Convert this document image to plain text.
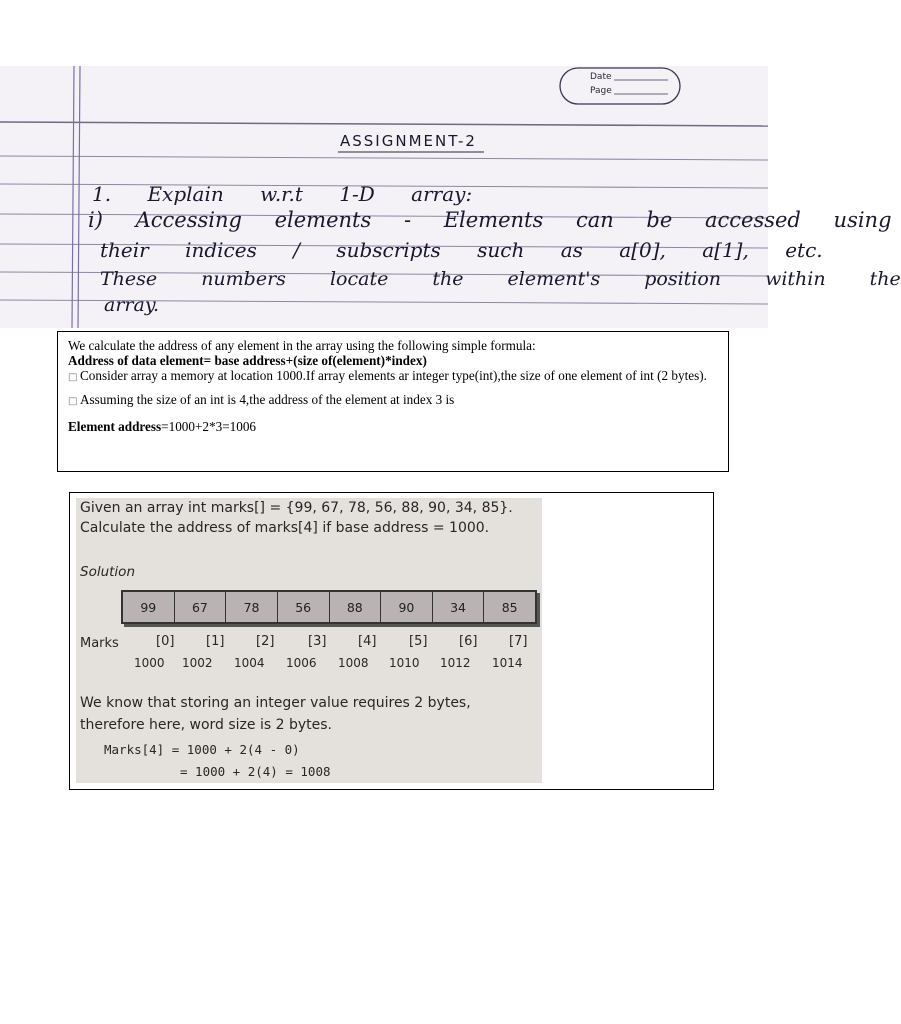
Date
Page
ASSIGNMENT-2
1. Explain w.r.t 1-D array:
i) Accessing elements - Elements can be accessed using
their indices / subscripts such as a[0], a[1], etc.
These numbers locate the element's position within the
array.

We calculate the address of any element in the array using the following simple formula:

Address of data element= base address+(size of(element)*index)

□ Consider array a memory at location 1000.If array elements ar integer type(int),the size of one element of int (2 bytes).

□ Assuming the size of an int is 4,the address of the element at index 3 is

Element address=1000+2*3=1006

Given an array int marks[] = {99, 67, 78, 56, 88, 90, 34, 85}.
Calculate the address of marks[4] if base address = 1000.
Solution
99	67	78	56	88	90	34	85
Marks	[0] [1] [2]	[3] [4]	[5] [6] [7]
1000 1002 1004 1006 1008 1010 1012 1014
We know that storing an integer value requires 2 bytes,
therefore here, word size is 2 bytes.
Marks[4] = 1000 + 2(4 - 0)
= 1000 + 2(4) = 1008
